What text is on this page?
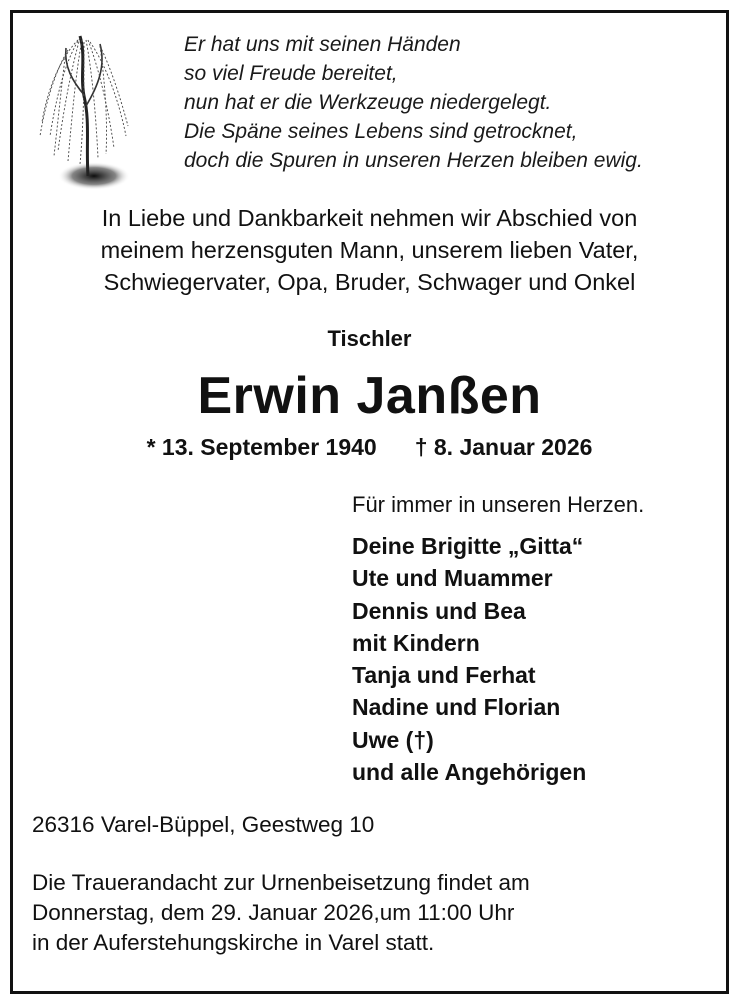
Er hat uns mit seinen Händen
so viel Freude bereitet,
nun hat er die Werkzeuge niedergelegt.
Die Späne seines Lebens sind getrocknet,
doch die Spuren in unseren Herzen bleiben ewig.
In Liebe und Dankbarkeit nehmen wir Abschied von
meinem herzensguten Mann, unserem lieben Vater,
Schwiegervater, Opa, Bruder, Schwager und Onkel
Tischler
Erwin Janßen
* 13. September 1940 † 8. Januar 2026
Für immer in unseren Herzen.
Deine Brigitte „Gitta“
Ute und Muammer
Dennis und Bea
mit Kindern
Tanja und Ferhat
Nadine und Florian
Uwe (†)
und alle Angehörigen
26316 Varel-Büppel, Geestweg 10
Die Trauerandacht zur Urnenbeisetzung findet am
Donnerstag, dem 29. Januar 2026,um 11:00 Uhr
in der Auferstehungskirche in Varel statt.
